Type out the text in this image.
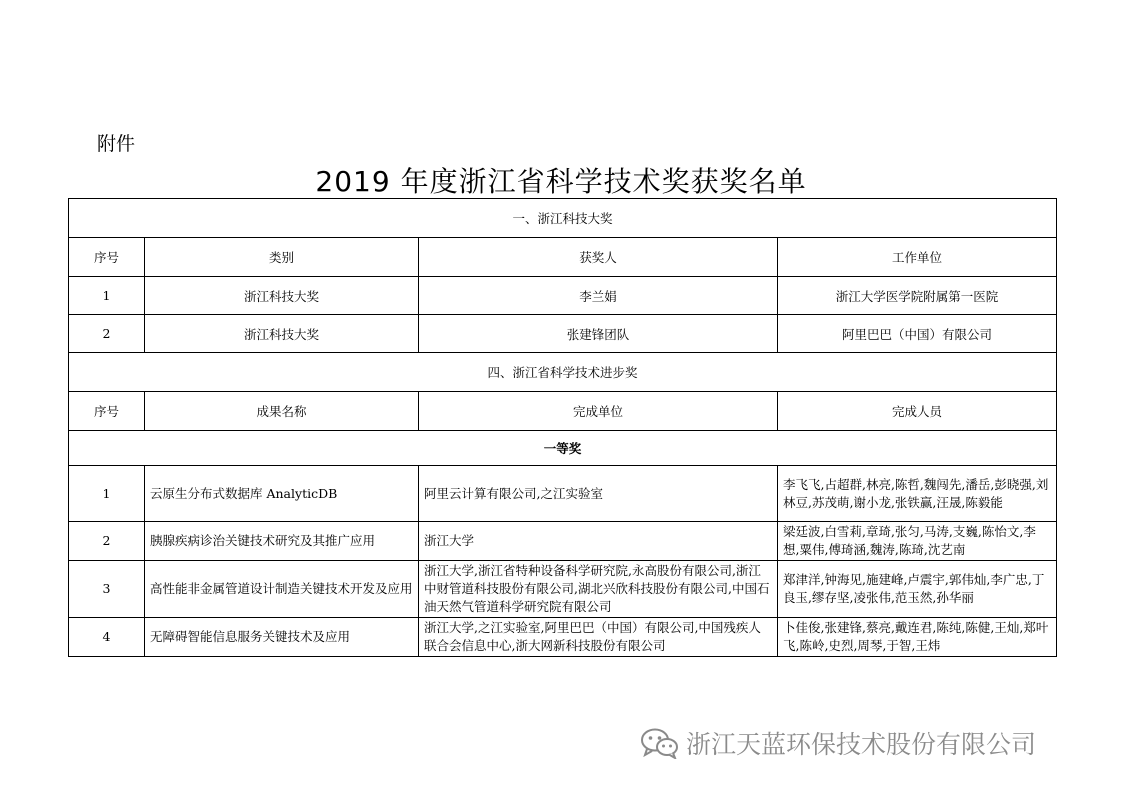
附件
2019 年度浙江省科学技术奖获奖名单
一、浙江科技大奖			
序号	类别	获奖人	工作单位
1	浙江科技大奖	李兰娟	浙江大学医学院附属第一医院
2	浙江科技大奖	张建锋团队	阿里巴巴（中国）有限公司
四、浙江省科学技术进步奖			
序号	成果名称	完成单位	完成人员
一等奖			
1	云原生分布式数据库 AnalyticDB	阿里云计算有限公司,之江实验室	李飞飞,占超群,林亮,陈哲,魏闯先,潘岳,彭晓强,刘林豆,苏茂萌,谢小龙,张铁赢,汪晟,陈毅能
2	胰腺疾病诊治关键技术研究及其推广应用	浙江大学	梁廷波,白雪莉,章琦,张匀,马涛,支巍,陈怡文,李想,粟伟,傅琦涵,魏涛,陈琦,沈艺南
3	高性能非金属管道设计制造关键技术开发及应用	浙江大学,浙江省特种设备科学研究院,永高股份有限公司,浙江中财管道科技股份有限公司,湖北兴欣科技股份有限公司,中国石油天然气管道科学研究院有限公司	郑津洋,钟海见,施建峰,卢震宇,郭伟灿,李广忠,丁良玉,缪存坚,凌张伟,范玉然,孙华丽
4	无障碍智能信息服务关键技术及应用	浙江大学,之江实验室,阿里巴巴（中国）有限公司,中国残疾人联合会信息中心,浙大网新科技股份有限公司	卜佳俊,张建锋,蔡亮,戴连君,陈纯,陈健,王灿,郑叶飞,陈岭,史烈,周琴,于智,王炜
浙江天蓝环保技术股份有限公司
